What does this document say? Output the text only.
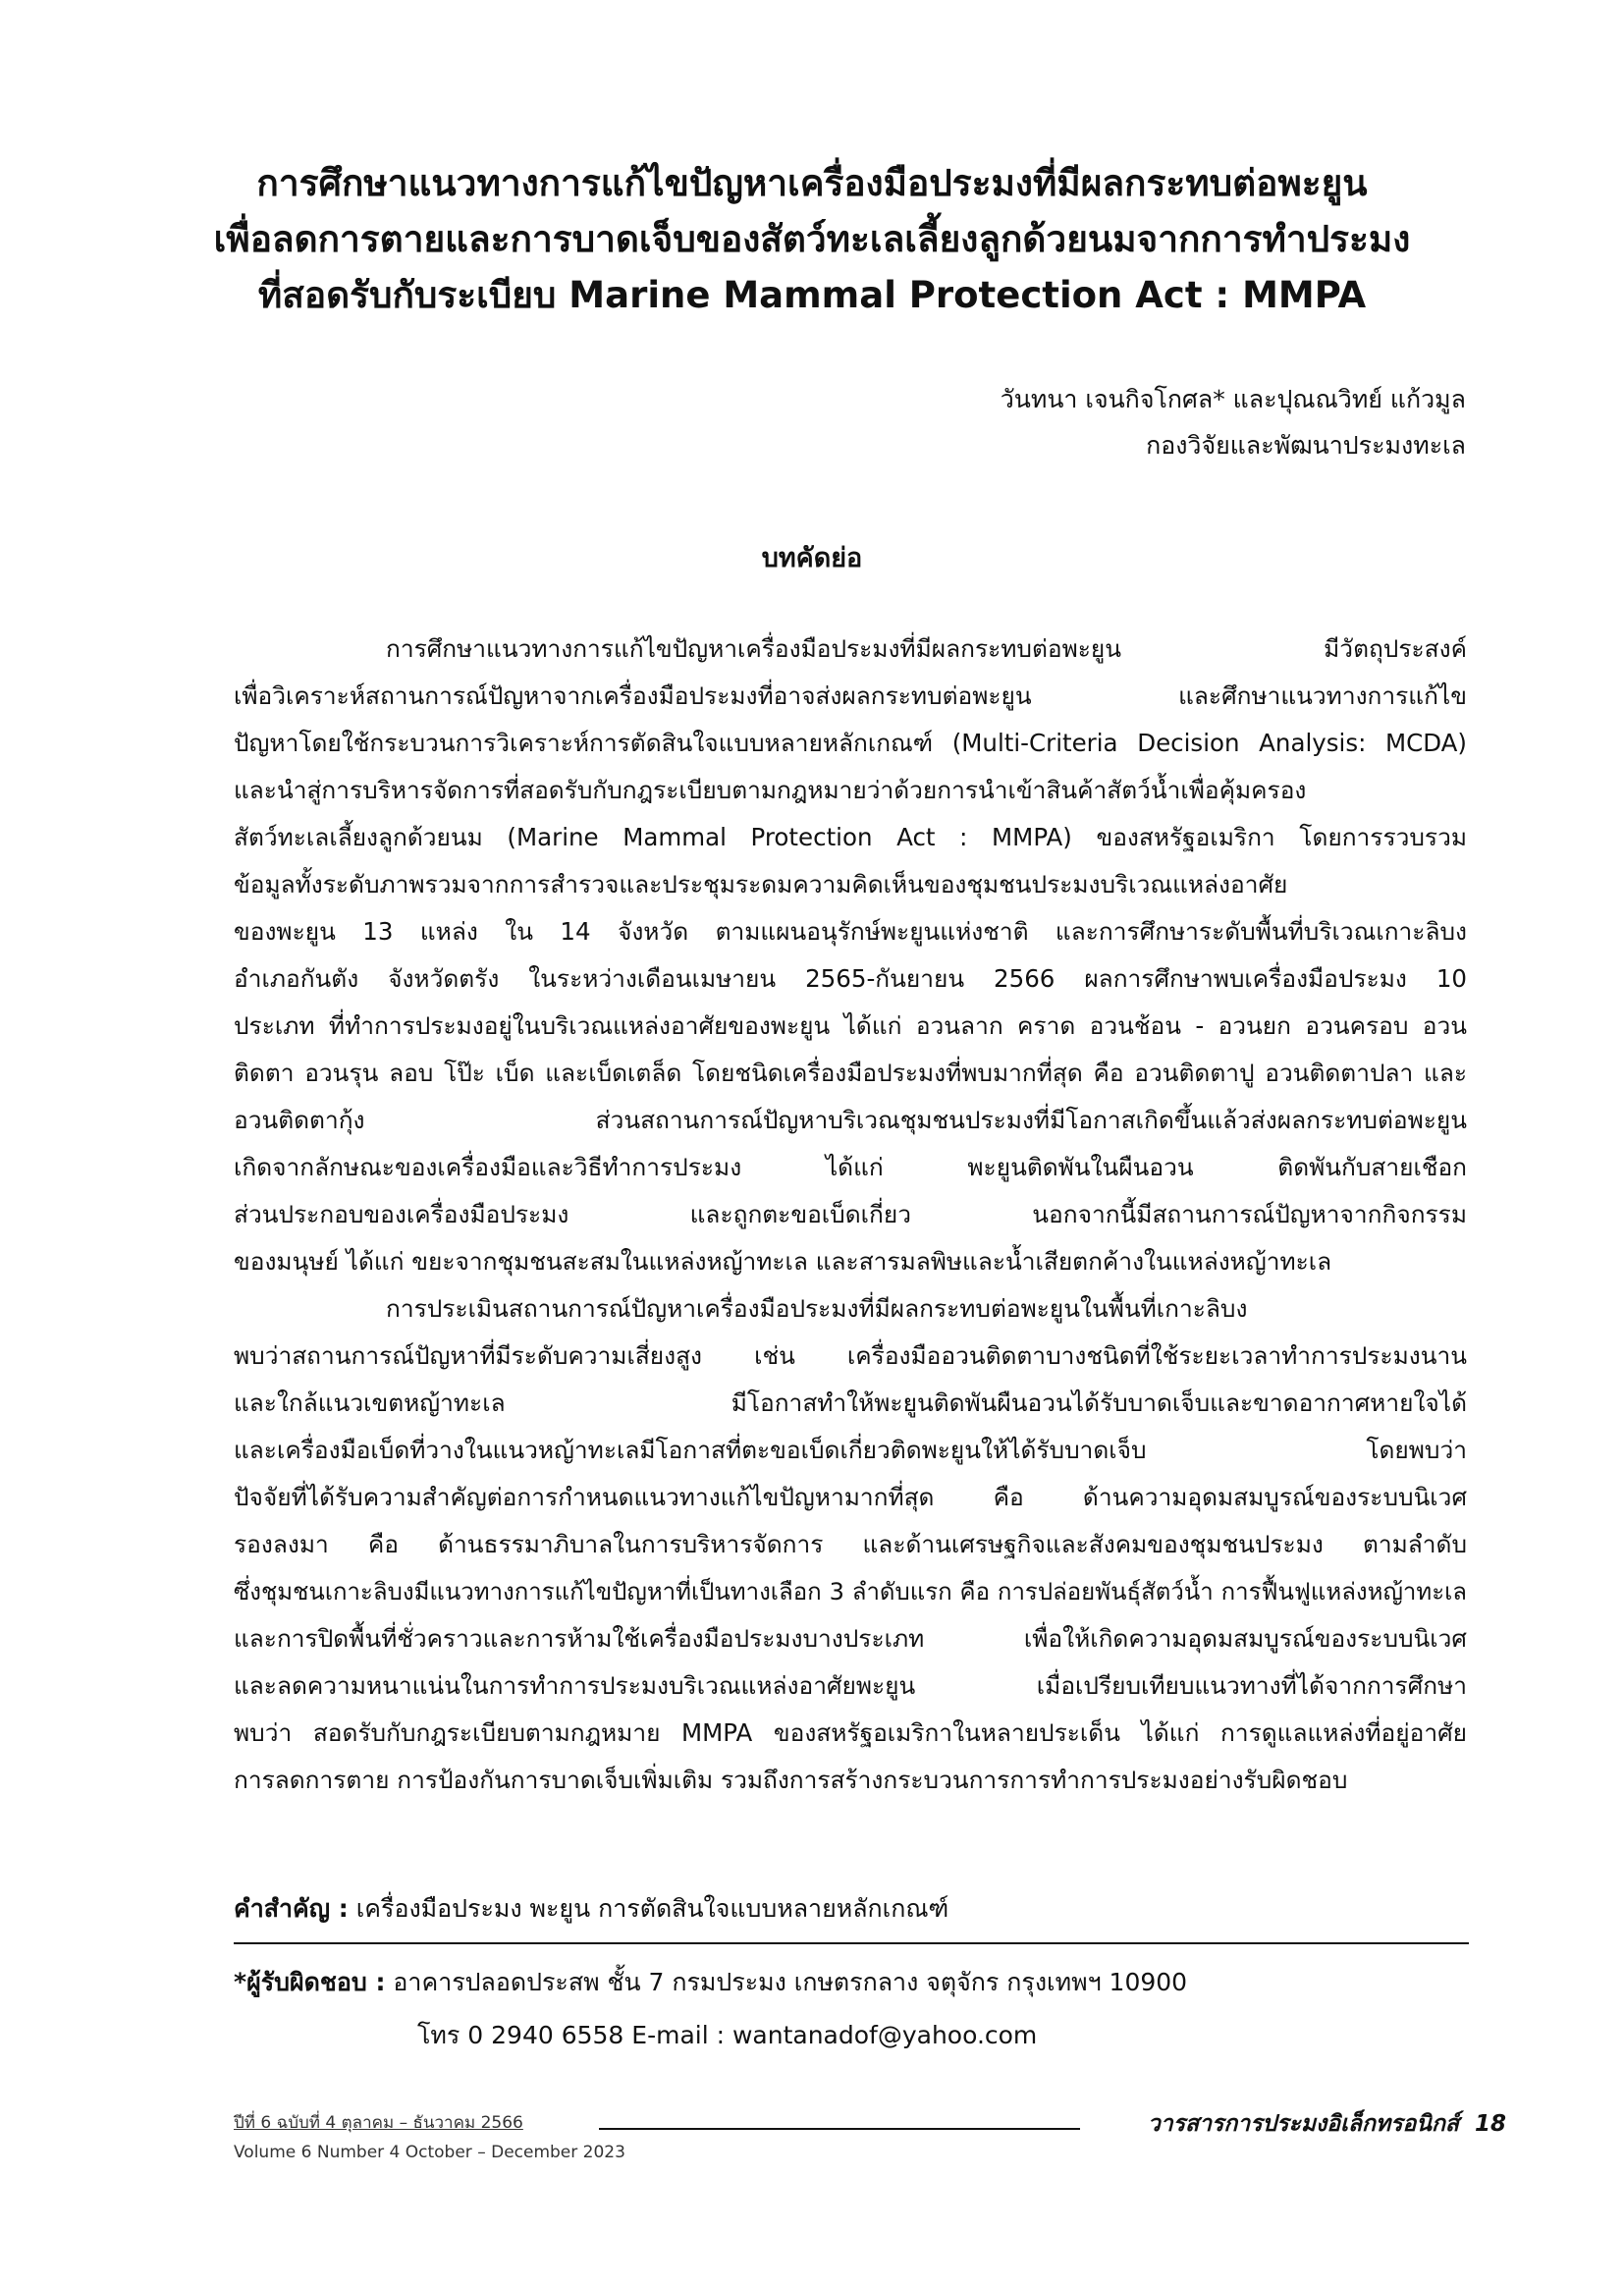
การศึกษาแนวทางการแก้ไขปัญหาเครื่องมือประมงที่มีผลกระทบต่อพะยูน
เพื่อลดการตายและการบาดเจ็บของสัตว์ทะเลเลี้ยงลูกด้วยนมจากการทำประมง
ที่สอดรับกับระเบียบ Marine Mammal Protection Act : MMPA
วันทนา เจนกิจโกศล* และปุณณวิทย์ แก้วมูล
กองวิจัยและพัฒนาประมงทะเล
บทคัดย่อ
การศึกษาแนวทางการแก้ไขปัญหาเครื่องมือประมงที่มีผลกระทบต่อพะยูน มีวัตถุประสงค์
เพื่อวิเคราะห์สถานการณ์ปัญหาจากเครื่องมือประมงที่อาจส่งผลกระทบต่อพะยูน และศึกษาแนวทางการแก้ไข
ปัญหาโดยใช้กระบวนการวิเคราะห์การตัดสินใจแบบหลายหลักเกณฑ์ (Multi-Criteria Decision Analysis: MCDA)
และนำสู่การบริหารจัดการที่สอดรับกับกฎระเบียบตามกฎหมายว่าด้วยการนำเข้าสินค้าสัตว์น้ำเพื่อคุ้มครอง
สัตว์ทะเลเลี้ยงลูกด้วยนม (Marine Mammal Protection Act : MMPA) ของสหรัฐอเมริกา โดยการรวบรวม
ข้อมูลทั้งระดับภาพรวมจากการสำรวจและประชุมระดมความคิดเห็นของชุมชนประมงบริเวณแหล่งอาศัย
ของพะยูน 13 แหล่ง ใน 14 จังหวัด ตามแผนอนุรักษ์พะยูนแห่งชาติ และการศึกษาระดับพื้นที่บริเวณเกาะลิบง
อำเภอกันตัง จังหวัดตรัง ในระหว่างเดือนเมษายน 2565-กันยายน 2566 ผลการศึกษาพบเครื่องมือประมง 10
ประเภท ที่ทำการประมงอยู่ในบริเวณแหล่งอาศัยของพะยูน ได้แก่ อวนลาก คราด อวนช้อน - อวนยก อวนครอบ อวน
ติดตา อวนรุน ลอบ โป๊ะ เบ็ด และเบ็ดเตล็ด โดยชนิดเครื่องมือประมงที่พบมากที่สุด คือ อวนติดตาปู อวนติดตาปลา และ
อวนติดตากุ้ง ส่วนสถานการณ์ปัญหาบริเวณชุมชนประมงที่มีโอกาสเกิดขึ้นแล้วส่งผลกระทบต่อพะยูน
เกิดจากลักษณะของเครื่องมือและวิธีทำการประมง ได้แก่ พะยูนติดพันในผืนอวน ติดพันกับสายเชือก
ส่วนประกอบของเครื่องมือประมง และถูกตะขอเบ็ดเกี่ยว นอกจากนี้มีสถานการณ์ปัญหาจากกิจกรรม
ของมนุษย์ ได้แก่ ขยะจากชุมชนสะสมในแหล่งหญ้าทะเล และสารมลพิษและน้ำเสียตกค้างในแหล่งหญ้าทะเล
การประเมินสถานการณ์ปัญหาเครื่องมือประมงที่มีผลกระทบต่อพะยูนในพื้นที่เกาะลิบง
พบว่าสถานการณ์ปัญหาที่มีระดับความเสี่ยงสูง เช่น เครื่องมืออวนติดตาบางชนิดที่ใช้ระยะเวลาทำการประมงนาน
และใกล้แนวเขตหญ้าทะเล มีโอกาสทำให้พะยูนติดพันผืนอวนได้รับบาดเจ็บและขาดอากาศหายใจได้
และเครื่องมือเบ็ดที่วางในแนวหญ้าทะเลมีโอกาสที่ตะขอเบ็ดเกี่ยวติดพะยูนให้ได้รับบาดเจ็บ โดยพบว่า
ปัจจัยที่ได้รับความสำคัญต่อการกำหนดแนวทางแก้ไขปัญหามากที่สุด คือ ด้านความอุดมสมบูรณ์ของระบบนิเวศ
รองลงมา คือ ด้านธรรมาภิบาลในการบริหารจัดการ และด้านเศรษฐกิจและสังคมของชุมชนประมง ตามลำดับ
ซึ่งชุมชนเกาะลิบงมีแนวทางการแก้ไขปัญหาที่เป็นทางเลือก 3 ลำดับแรก คือ การปล่อยพันธุ์สัตว์น้ำ การฟื้นฟูแหล่งหญ้าทะเล
และการปิดพื้นที่ชั่วคราวและการห้ามใช้เครื่องมือประมงบางประเภท เพื่อให้เกิดความอุดมสมบูรณ์ของระบบนิเวศ
และลดความหนาแน่นในการทำการประมงบริเวณแหล่งอาศัยพะยูน เมื่อเปรียบเทียบแนวทางที่ได้จากการศึกษา
พบว่า สอดรับกับกฎระเบียบตามกฎหมาย MMPA ของสหรัฐอเมริกาในหลายประเด็น ได้แก่ การดูแลแหล่งที่อยู่อาศัย
การลดการตาย การป้องกันการบาดเจ็บเพิ่มเติม รวมถึงการสร้างกระบวนการการทำการประมงอย่างรับผิดชอบ
คำสำคัญ : เครื่องมือประมง พะยูน การตัดสินใจแบบหลายหลักเกณฑ์
*ผู้รับผิดชอบ : อาคารปลอดประสพ ชั้น 7 กรมประมง เกษตรกลาง จตุจักร กรุงเทพฯ 10900
โทร 0 2940 6558 E-mail : wantanadof@yahoo.com
ปีที่ 6 ฉบับที่ 4 ตุลาคม – ธันวาคม 2566
Volume 6 Number 4 October – December 2023
วารสารการประมงอิเล็กทรอนิกส์ 18
